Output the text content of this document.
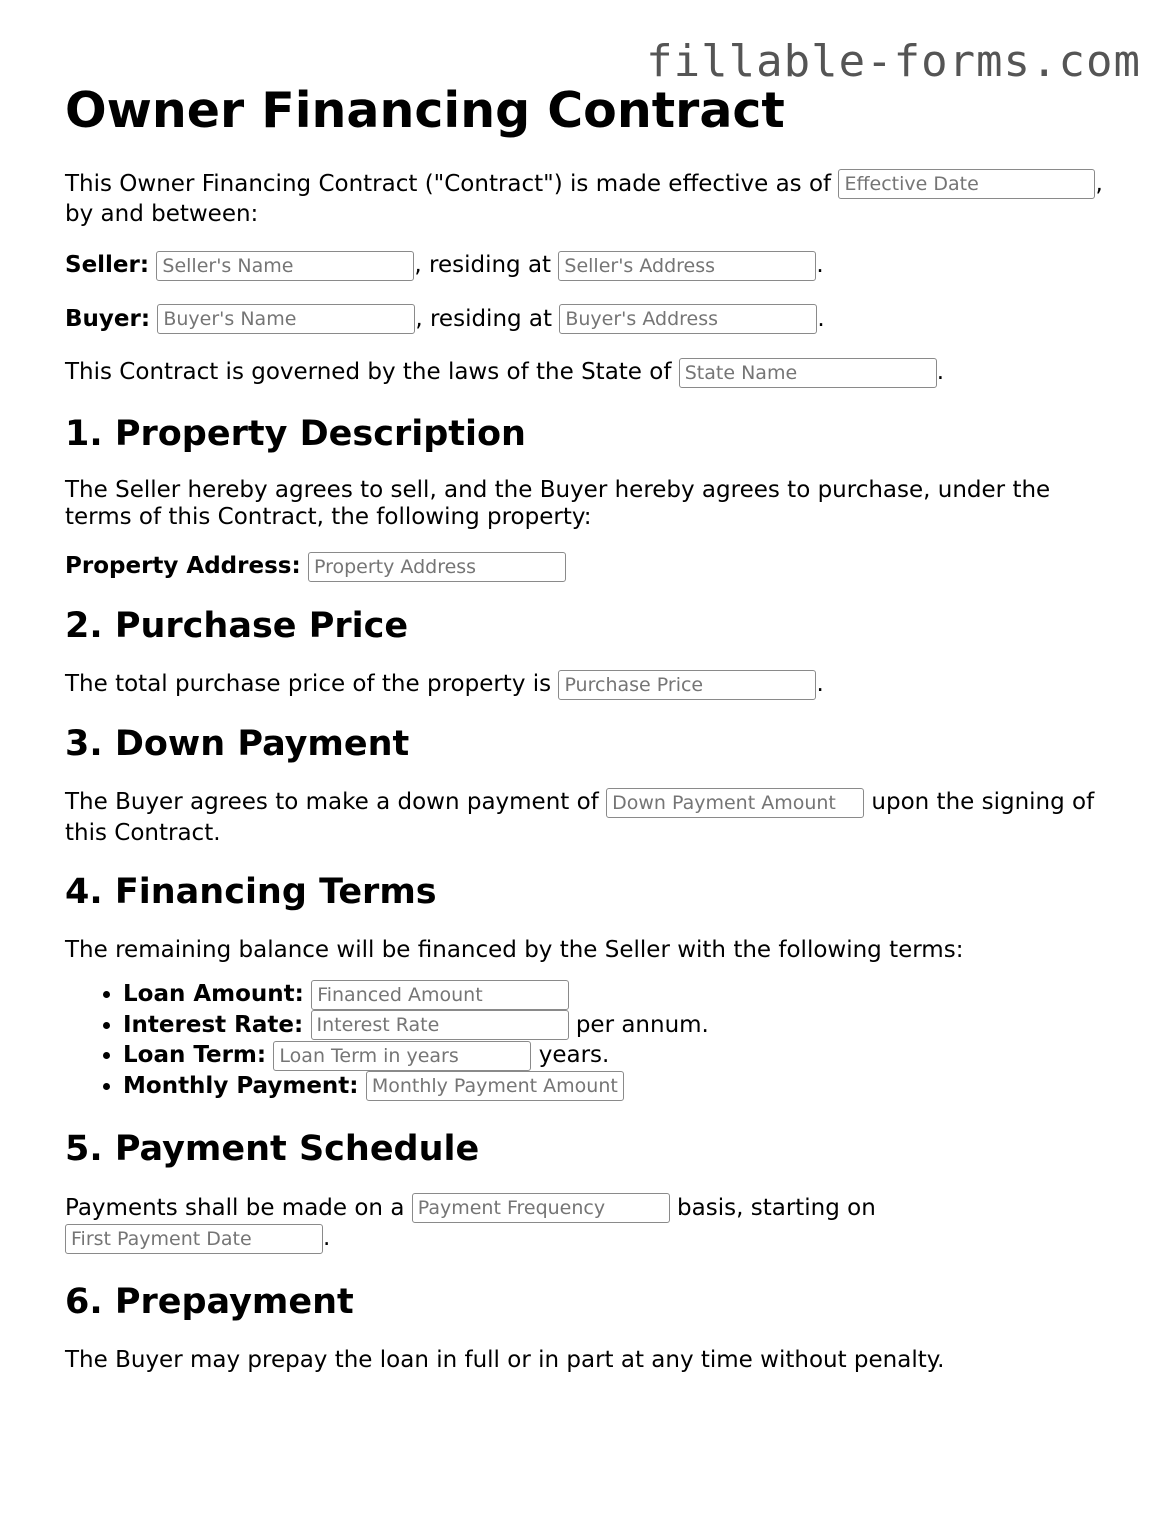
fillable-forms.com
Owner Financing Contract

This Owner Financing Contract ("Contract") is made effective as of Effective Date	,
by and between:

Seller: Seller's Name	, residing at Seller's Address	.

Buyer: Buyer's Name	, residing at Buyer's Address	.

This Contract is governed by the laws of the State of State Name	.

1. Property Description

The Seller hereby agrees to sell, and the Buyer hereby agrees to purchase, under the terms of this Contract, the following property:

Property Address: Property Address

2. Purchase Price

The total purchase price of the property is Purchase Price	.

3. Down Payment

The Buyer agrees to make a down payment of Down Payment Amount	upon the signing of this Contract.

4. Financing Terms

The remaining balance will be financed by the Seller with the following terms:

• Loan Amount: Financed Amount
• Interest Rate: Interest Rate	per annum.
• Loan Term: Loan Term in years	years.
• Monthly Payment: Monthly Payment Amount
5. Payment Schedule

Payments shall be made on a Payment Frequency	basis, starting on
First Payment Date.

6. Prepayment

The Buyer may prepay the loan in full or in part at any time without penalty.
